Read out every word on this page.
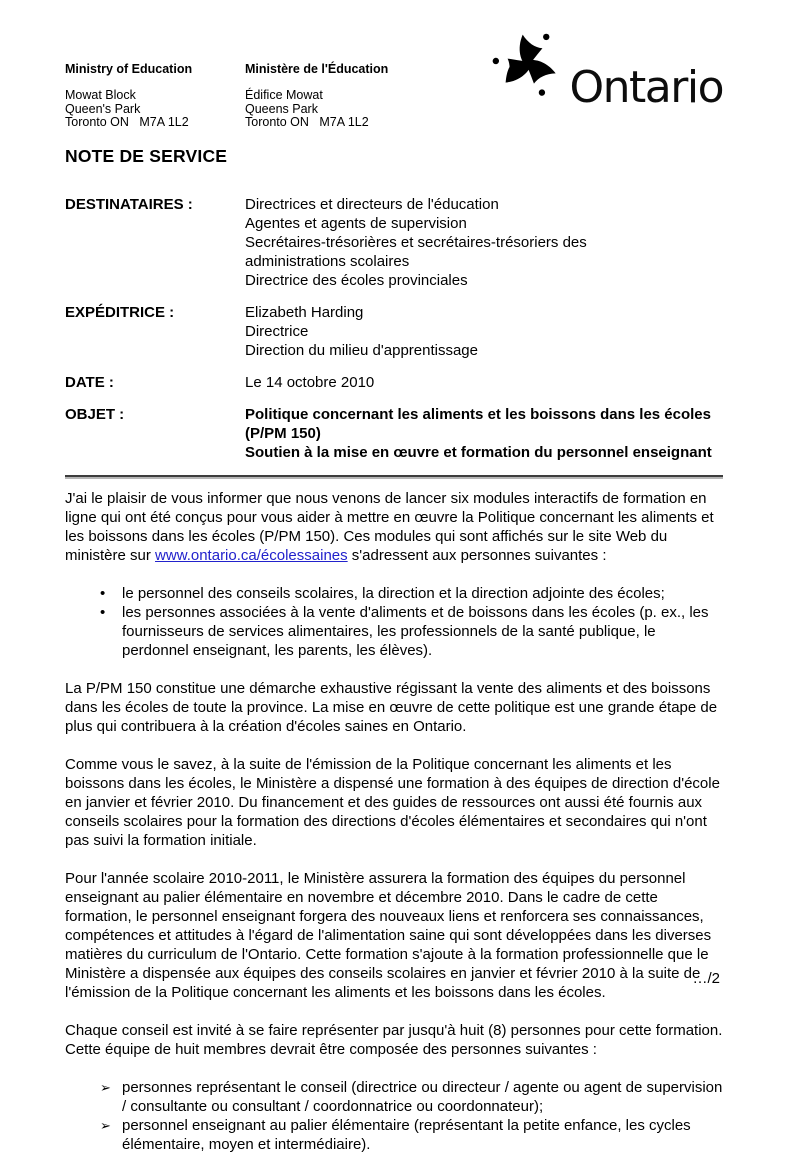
Ministry of Education
Mowat Block
Queen's Park
Toronto ON   M7A 1L2
Ministère de l'Éducation
Édifice Mowat
Queens Park
Toronto ON   M7A 1L2
Ontario
NOTE DE SERVICE
DESTINATAIRES :	Directrices et directeurs de l'éducation
Agentes et agents de supervision
Secrétaires-trésorières et secrétaires-trésoriers des
administrations scolaires
Directrice des écoles provinciales
EXPÉDITRICE :	Elizabeth Harding
Directrice
Direction du milieu d'apprentissage
DATE :	Le 14 octobre 2010
OBJET :	Politique concernant les aliments et les boissons dans les écoles
(P/PM 150)
Soutien à la mise en œuvre et formation du personnel enseignant

J'ai le plaisir de vous informer que nous venons de lancer six modules interactifs de formation en ligne qui ont été conçus pour vous aider à mettre en œuvre la Politique concernant les aliments et les boissons dans les écoles (P/PM 150). Ces modules qui sont affichés sur le site Web du ministère sur www.ontario.ca/écolessaines s'adressent aux personnes suivantes :

•	le personnel des conseils scolaires, la direction et la direction adjointe des écoles;
•	les personnes associées à la vente d'aliments et de boissons dans les écoles (p. ex., les fournisseurs de services alimentaires, les professionnels de la santé publique, le perdonnel enseignant, les parents, les élèves).

La P/PM 150 constitue une démarche exhaustive régissant la vente des aliments et des boissons dans les écoles de toute la province. La mise en œuvre de cette politique est une grande étape de plus qui contribuera à la création d'écoles saines en Ontario.

Comme vous le savez, à la suite de l'émission de la Politique concernant les aliments et les boissons dans les écoles, le Ministère a dispensé une formation à des équipes de direction d'école en janvier et février 2010. Du financement et des guides de ressources ont aussi été fournis aux conseils scolaires pour la formation des directions d'écoles élémentaires et secondaires qui n'ont pas suivi la formation initiale.

Pour l'année scolaire 2010-2011, le Ministère assurera la formation des équipes du personnel enseignant au palier élémentaire en novembre et décembre 2010. Dans le cadre de cette formation, le personnel enseignant forgera des nouveaux liens et renforcera ses connaissances, compétences et attitudes à l'égard de l'alimentation saine qui sont développées dans les diverses matières du curriculum de l'Ontario. Cette formation s'ajoute à la formation professionnelle que le Ministère a dispensée aux équipes des conseils scolaires en janvier et février 2010 à la suite de l'émission de la Politique concernant les aliments et les boissons dans les écoles.

Chaque conseil est invité à se faire représenter par jusqu'à huit (8) personnes pour cette formation. Cette équipe de huit membres devrait être composée des personnes suivantes :

➢ personnes représentant le conseil (directrice ou directeur / agente ou agent de supervision / consultante ou consultant / coordonnatrice ou coordonnateur);
➢ personnel enseignant au palier élémentaire (représentant la petite enfance, les cycles élémentaire, moyen et intermédiaire).
…/2
